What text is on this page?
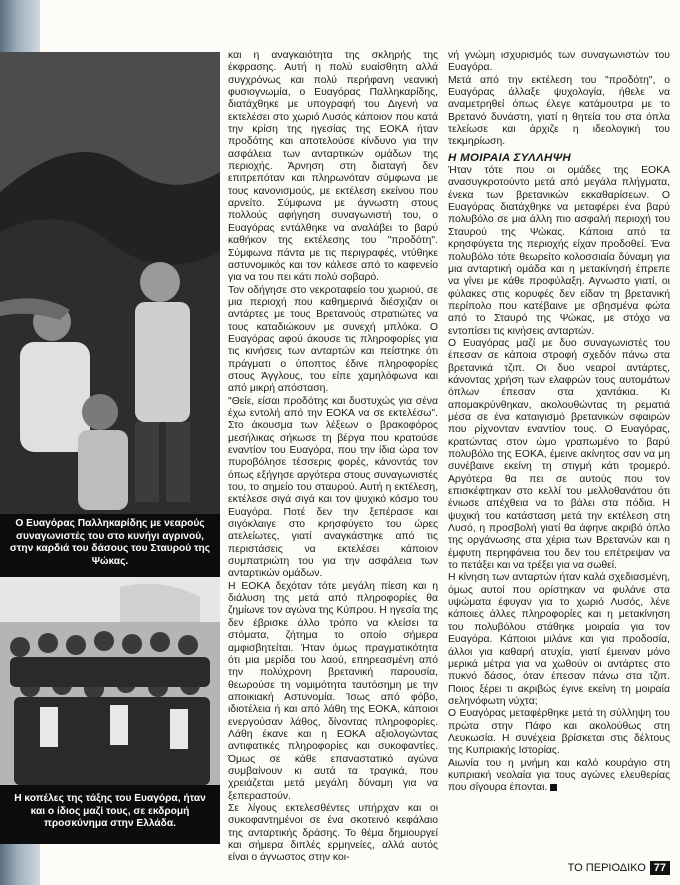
Ο Ευαγόρας Παλληκαρίδης με νεαρούς συναγωνιστές του στο κυνήγι αγρινού, στην καρδιά του δάσους του Σταυρού της Ψώκας.
Η κοπέλες της τάξης του Ευαγόρα, ήταν και ο ίδιος μαζί τους, σε εκδρομή προσκύνημα στην Ελλάδα.

και η αναγκαιότητα της σκληρής της έκφρασης. Αυτή η πολύ ευαίσθητη αλλά συγχρόνως και πολύ περήφανη νεανική φυσιογνωμία, ο Ευαγόρας Παλληκαρίδης, διατάχθηκε με υπογραφή του Διγενή να εκτελέσει στο χωριό Λυσός κάποιον που κατά την κρίση της ηγεσίας της ΕΟΚΑ ήταν προδότης και αποτελούσε κίνδυνο για την ασφάλεια των ανταρτικών ομάδων της περιοχής. Άρνηση στη διαταγή δεν επιτρεπόταν και πληρωνόταν σύμφωνα με τους κανονισμούς, με εκτέλεση εκείνου που αρνείτο. Σύμφωνα με άγνωστη στους πολλούς αφήγηση συναγωνιστή του, ο Ευαγόρας εντάλθηκε να αναλάβει το βαρύ καθήκον της εκτέλεσης του "προδότη". Σύμφωνα πάντα με τις περιγραφές, ντύθηκε αστυνομικός και τον κάλεσε από το καφενείο για να του πει κάτι πολύ σοβαρό.

Τον οδήγησε στο νεκροταφείο του χωριού, σε μια περιοχή που καθημερινά διέσχιζαν οι αντάρτες με τους Βρετανούς στρατιώτες να τους καταδιώκουν με συνεχή μπλόκα. Ο Ευαγόρας αφού άκουσε τις πληροφορίες για τις κινήσεις των ανταρτών και πείστηκε ότι πράγματι ο ύποπτος έδινε πληροφορίες στους Άγγλους, του είπε χαμηλόφωνα και από μικρή απόσταση.

"Θείε, είσαι προδότης και δυστυχώς για σένα έχω εντολή από την ΕΟΚΑ να σε εκτελέσω". Στο άκουσμα των λέξεων ο βρακοφόρος μεσήλικας σήκωσε τη βέργα που κρατούσε εναντίον του Ευαγόρα, που την ίδια ώρα τον πυροβόλησε τέσσερις φορές, κάνοντάς τον όπως εξήγησε αργότερα στους συναγωνιστές του, το σημείο του σταυρού. Αυτή η εκτέλεση, εκτέλεσε σιγά σιγά και τον ψυχικό κόσμο του Ευαγόρα. Ποτέ δεν την ξεπέρασε και σιγόκλαιγε στο κρησφύγετο του ώρες ατελείωτες, γιατί αναγκάστηκε από τις περιστάσεις να εκτελέσει κάποιον συμπατριώτη του για την ασφάλεια των ανταρτικών ομάδων.

Η ΕΟΚΑ δεχόταν τότε μεγάλη πίεση και η διάλυση της μετά από πληροφορίες θα ζημίωνε τον αγώνα της Κύπρου. Η ηγεσία της δεν έβρισκε άλλο τρόπο να κλείσει τα στόματα, ζήτημα το οποίο σήμερα αμφισβητείται. Ήταν όμως πραγματικότητα ότι μια μερίδα του λαού, επηρεασμένη από την πολύχρονη βρετανική παρουσία, θεωρούσε τη νομιμότητα ταυτόσημη με την αποικιακή Αστυνομία. Ίσως από φόβο, ιδιοτέλεια ή και από λάθη της ΕΟΚΑ, κάποιοι ενεργούσαν λάθος, δίνοντας πληροφορίες. Λάθη έκανε και η ΕΟΚΑ αξιολογώντας αντιφατικές πληροφορίες και συκοφαντίες. Όμως σε κάθε επαναστατικό αγώνα συμβαίνουν κι αυτά τα τραγικά, που χρειάζεται μετά μεγάλη δύναμη για να ξεπεραστούν.

Σε λίγους εκτελεσθέντες υπήρχαν και οι συκοφαντημένοι σε ένα σκοτεινό κεφάλαιο της ανταρτικής δράσης. Το θέμα δημιουργεί και σήμερα διπλές ερμηνείες, αλλά αυτός είναι ο άγνωστος στην κοι-

νή γνώμη ισχυρισμός των συναγωνιστών του Ευαγόρα.

Μετά από την εκτέλεση του "προδότη", ο Ευαγόρας άλλαξε ψυχολογία, ήθελε να αναμετρηθεί όπως έλεγε κατάμουτρα με το Βρετανό δυνάστη, γιατί η θητεία του στα όπλα τελείωσε και άρχιζε η ιδεολογική του τεκμηρίωση.

Η ΜΟΙΡΑΙΑ ΣΥΛΛΗΨΗ

Ήταν τότε που οι ομάδες της ΕΟΚΑ ανασυγκροτούντο μετά από μεγάλα πλήγματα, ένεκα των βρετανικών εκκαθαρίσεων. Ο Ευαγόρας διατάχθηκε να μεταφέρει ένα βαρύ πολυβόλο σε μια άλλη πιο ασφαλή περιοχή του Σταυρού της Ψώκας. Κάποια από τα κρησφύγετα της περιοχής είχαν προδοθεί. Ένα πολυβόλο τότε θεωρείτο κολοσσιαία δύναμη για μια ανταρτική ομάδα και η μετακίνησή έπρεπε να γίνει με κάθε προφύλαξη. Αγνωστο γιατί, οι φύλακες στις κορυφές δεν είδαν τη βρετανική περίπολο που κατέβαινε με σβησμένα φώτα από το Σταυρό της Ψώκας, με στόχο να εντοπίσει τις κινήσεις ανταρτών.

Ο Ευαγόρας μαζί με δυο συναγωνιστές του έπεσαν σε κάποια στροφή σχεδόν πάνω στα βρετανικά τζιπ. Οι δυο νεαροί αντάρτες, κάνοντας χρήση των ελαφρών τους αυτομάτων όπλων έπεσαν στα χαντάκια. Κι απομακρύνθηκαν, ακολουθώντας τη ρεματιά μέσα σε ένα καταιγισμό βρετανικών σφαιρών που ρίχνονταν εναντίον τους. Ο Ευαγόρας, κρατώντας στον ώμο γραπωμένο το βαρύ πολυβόλο της ΕΟΚΑ, έμεινε ακίνητος σαν να μη συνέβαινε εκείνη τη στιγμή κάτι τρομερό. Αργότερα θα πει σε αυτούς που τον επισκέφτηκαν στο κελλί του μελλοθανάτου ότι ένιωσε απέχθεια να το βάλει στα πόδια. Η ψυχική του κατάσταση μετά την εκτέλεση στη Λυσό, η προσβολή γιατί θα άφηνε ακριβό όπλο της οργάνωσης στα χέρια των Βρετανών και η έμφυτη περηφάνεια του δεν του επέτρεψαν να το πετάξει και να τρέξει για να σωθεί.

Η κίνηση των ανταρτών ήταν καλά σχεδιασμένη, όμως αυτοί που ορίστηκαν να φυλάνε στα υψώματα έφυγαν για το χωριό Λυσός, λένε κάποιες άλλες πληροφορίες και η μετακίνηση του πολυβόλου στάθηκε μοιραία για τον Ευαγόρα. Κάποιοι μιλάνε και για προδοσία, άλλοι για καθαρή ατυχία, γιατί έμειναν μόνο μερικά μέτρα για να χωθούν οι αντάρτες στο πυκνό δάσος, όταν έπεσαν πάνω στα τζιπ. Ποιος ξέρει τι ακριβώς έγινε εκείνη τη μοιραία σεληνόφωτη νύχτα;

Ο Ευαγόρας μεταφέρθηκε μετά τη σύλληψη του πρώτα στην Πάφο και ακολούθως στη Λευκωσία. Η συνέχεια βρίσκεται στις δέλτους της Κυπριακής Ιστορίας.

Αιωνία του η μνήμη και καλό κουράγιο στη κυπριακή νεολαία για τους αγώνες ελευθερίας που σίγουρα έπονται.

ΤΟ ΠΕΡΙΟΔΙΚΟ 77
